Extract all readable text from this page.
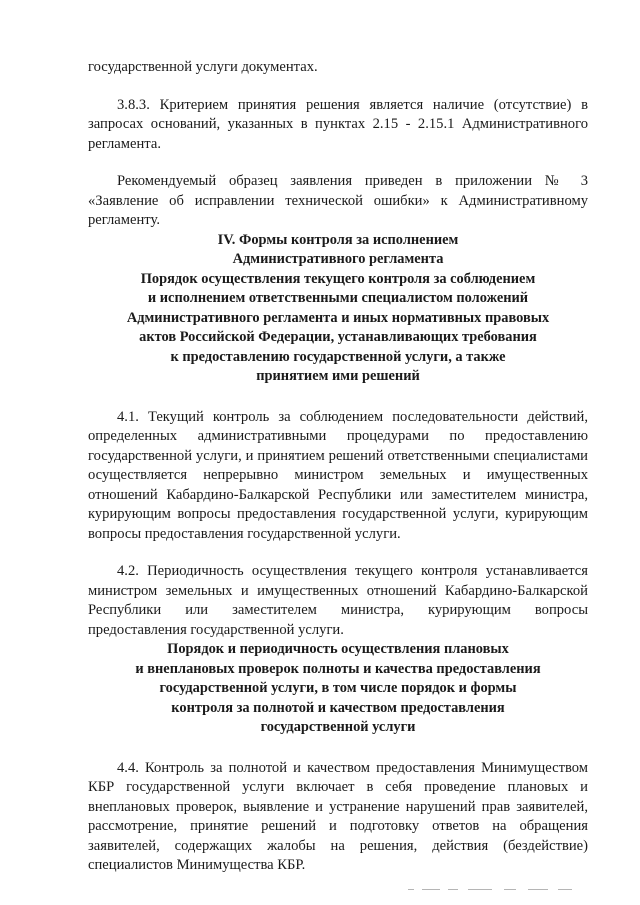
государственной услуги документах.

3.8.3. Критерием принятия решения является наличие (отсутствие) в запросах оснований, указанных в пунктах 2.15 - 2.15.1 Административного регламента.

Рекомендуемый образец заявления приведен в приложении № 3 «Заявление об исправлении технической ошибки» к Административному регламенту.

IV. Формы контроля за исполнением
Административного регламента
Порядок осуществления текущего контроля за соблюдением
и исполнением ответственными специалистом положений
Административного регламента и иных нормативных правовых
актов Российской Федерации, устанавливающих требования
к предоставлению государственной услуги, а также
принятием ими решений

4.1. Текущий контроль за соблюдением последовательности действий, определенных административными процедурами по предоставлению государственной услуги, и принятием решений ответственными специалистами осуществляется непрерывно министром земельных и имущественных отношений Кабардино-Балкарской Республики или заместителем министра, курирующим вопросы предоставления государственной услуги, курирующим вопросы предоставления государственной услуги.

4.2. Периодичность осуществления текущего контроля устанавливается министром земельных и имущественных отношений Кабардино-Балкарской Республики или заместителем министра, курирующим вопросы предоставления государственной услуги.

Порядок и периодичность осуществления плановых
и внеплановых проверок полноты и качества предоставления
государственной услуги, в том числе порядок и формы
контроля за полнотой и качеством предоставления
государственной услуги

4.4. Контроль за полнотой и качеством предоставления Минимуществом КБР государственной услуги включает в себя проведение плановых и внеплановых проверок, выявление и устранение нарушений прав заявителей, рассмотрение, принятие решений и подготовку ответов на обращения заявителей, содержащих жалобы на решения, действия (бездействие) специалистов Минимущества КБР.
